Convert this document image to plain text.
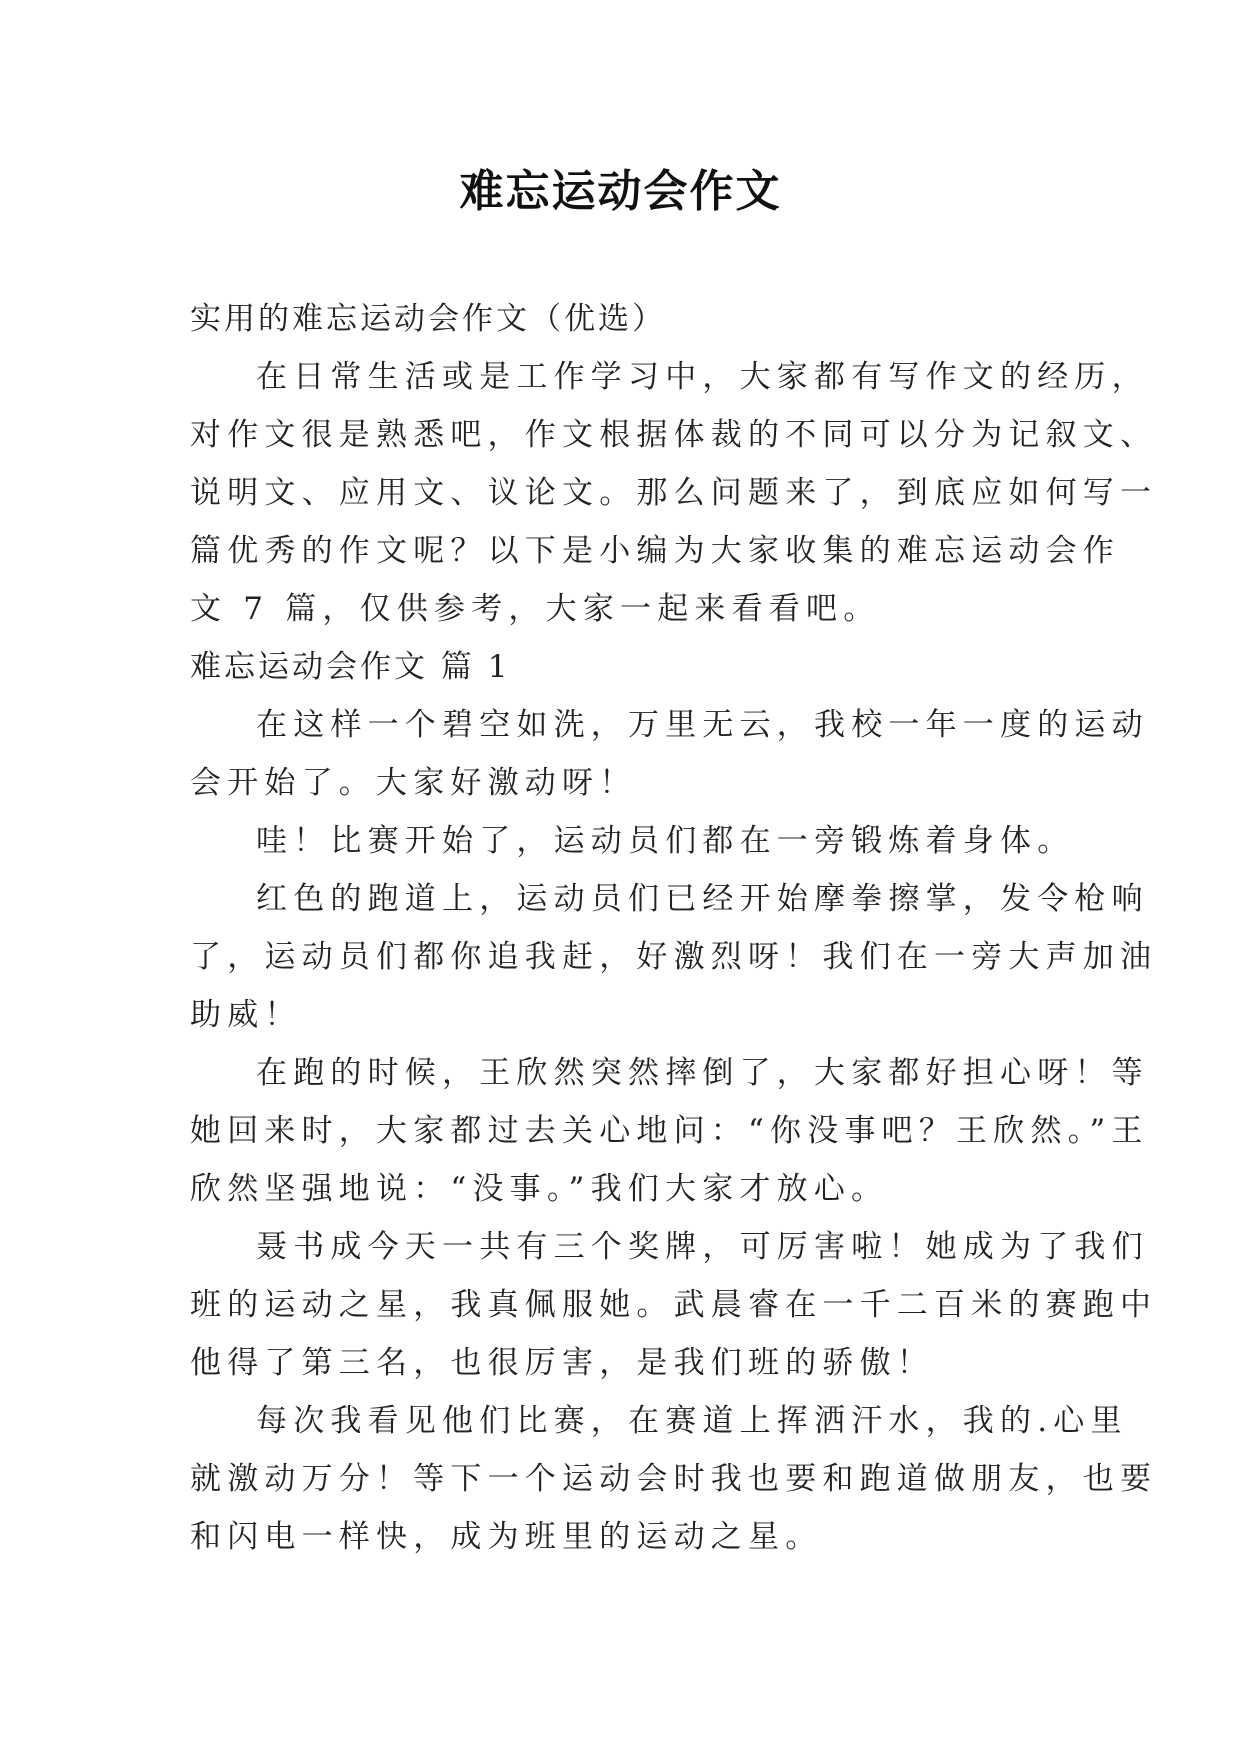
难忘运动会作文
实用的难忘运动会作文（优选）
在日常生活或是工作学习中，大家都有写作文的经历，
对作文很是熟悉吧，作文根据体裁的不同可以分为记叙文、
说明文、应用文、议论文。那么问题来了，到底应如何写一
篇优秀的作文呢？以下是小编为大家收集的难忘运动会作
文 7 篇，仅供参考，大家一起来看看吧。
难忘运动会作文 篇 1
在这样一个碧空如洗，万里无云，我校一年一度的运动
会开始了。大家好激动呀！
哇！比赛开始了，运动员们都在一旁锻炼着身体。
红色的跑道上，运动员们已经开始摩拳擦掌，发令枪响
了，运动员们都你追我赶，好激烈呀！我们在一旁大声加油
助威！
在跑的时候，王欣然突然摔倒了，大家都好担心呀！等
她回来时，大家都过去关心地问：“你没事吧？王欣然。”王
欣然坚强地说：“没事。”我们大家才放心。
聂书成今天一共有三个奖牌，可厉害啦！她成为了我们
班的运动之星，我真佩服她。武晨睿在一千二百米的赛跑中
他得了第三名，也很厉害，是我们班的骄傲！
每次我看见他们比赛，在赛道上挥洒汗水，我的.心里
就激动万分！等下一个运动会时我也要和跑道做朋友，也要
和闪电一样快，成为班里的运动之星。
